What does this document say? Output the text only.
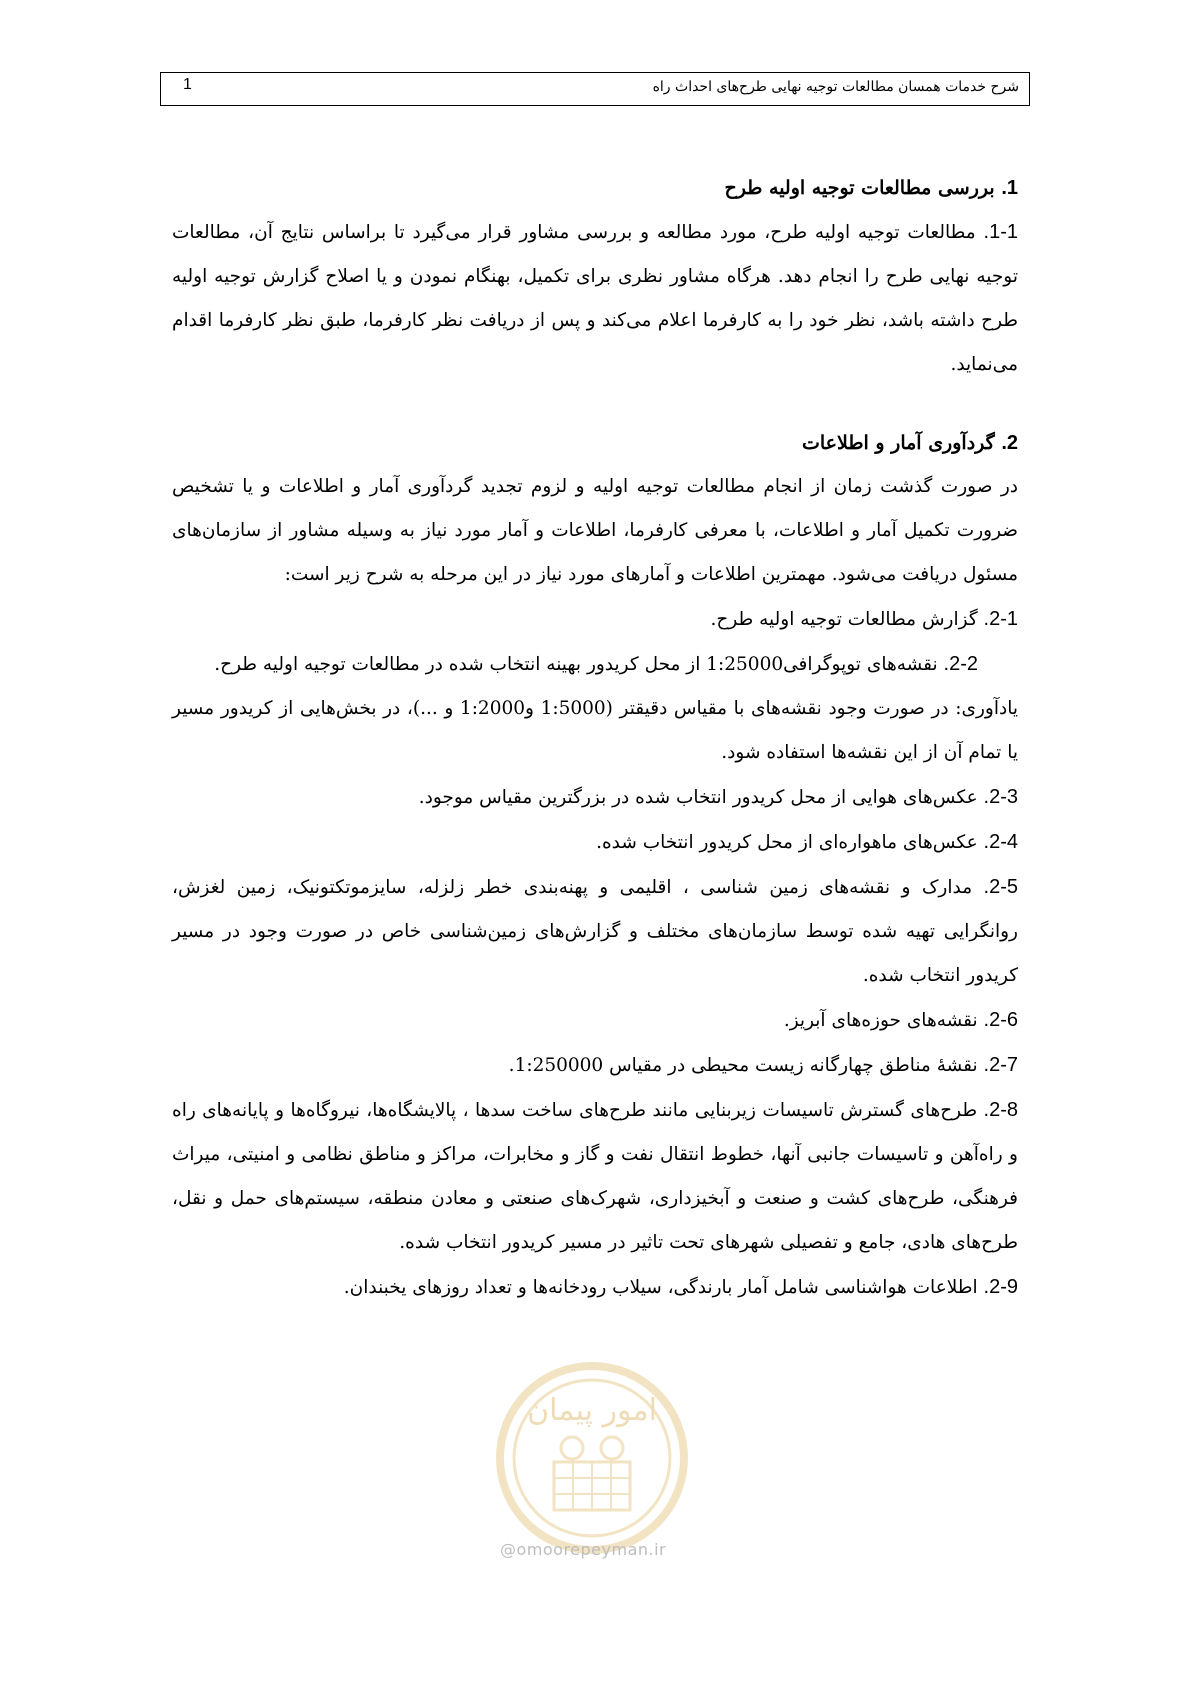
شرح خدمات همسان مطالعات توجیه نهایی طرح‌های احداث راه
1
1. بررسی مطالعات توجیه اولیه طرح

1-1. مطالعات توجیه اولیه طرح، مورد مطالعه و بررسی مشاور قرار می‌گیرد تا براساس نتایج آن، مطالعات توجیه نهایی طرح را انجام دهد. هرگاه مشاور نظری برای تکمیل، بهنگام نمودن و یا اصلاح گزارش توجیه اولیه طرح داشته باشد، نظر خود را به کارفرما اعلام می‌کند و پس از دریافت نظر کارفرما، طبق نظر کارفرما اقدام می‌نماید.

2. گردآوری آمار و اطلاعات

در صورت گذشت زمان از انجام مطالعات توجیه اولیه و لزوم تجدید گردآوری آمار و اطلاعات و یا تشخیص ضرورت تکمیل آمار و اطلاعات، با معرفی کارفرما، اطلاعات و آمار مورد نیاز به وسیله مشاور از سازمان‌های مسئول دریافت می‌شود. مهمترین اطلاعات و آمارهای مورد نیاز در این مرحله به شرح زیر است:

2-1. گزارش مطالعات توجیه اولیه طرح.

2-2. نقشه‌های توپوگرافی1:25000 از محل کریدور بهینه انتخاب شده در مطالعات توجیه اولیه طرح.

یادآوری: در صورت وجود نقشه‌های با مقیاس دقیقتر (1:5000 و1:2000 و ...)، در بخش‌هایی از کریدور مسیر یا تمام آن از این نقشه‌ها استفاده شود.

2-3. عکس‌های هوایی از محل کریدور انتخاب شده در بزرگترین مقیاس موجود.

2-4. عکس‌های ماهواره‌ای از محل کریدور انتخاب شده.

2-5. مدارک و نقشه‌های زمین شناسی ، اقلیمی و پهنه‌بندی خطر زلزله، سایزموتکتونیک، زمین لغزش، روانگرایی تهیه شده توسط سازمان‌های مختلف و گزارش‌های زمین‌شناسی خاص در صورت وجود در مسیر کریدور انتخاب شده.

2-6. نقشه‌های حوزه‌های آبریز.

2-7. نقشهٔ مناطق چهارگانه زیست محیطی در مقیاس 1:250000.

2-8. طرح‌های گسترش تاسیسات زیربنایی مانند طرح‌های ساخت سدها ، پالایشگاه‌ها، نیروگاه‌ها و پایانه‌های راه و راه‌آهن و تاسیسات جانبی آنها، خطوط انتقال نفت و گاز و مخابرات، مراکز و مناطق نظامی و امنیتی، میراث فرهنگی، طرح‌های کشت و صنعت و آبخیزداری، شهرک‌های صنعتی و معادن منطقه، سیستم‌های حمل و نقل، طرح‌های هادی، جامع و تفصیلی شهرهای تحت تاثیر در مسیر کریدور انتخاب شده.

2-9. اطلاعات هواشناسی شامل آمار بارندگی، سیلاب رودخانه‌ها و تعداد روزهای یخبندان.

امور پیمان
@omoorepeyman.ir
